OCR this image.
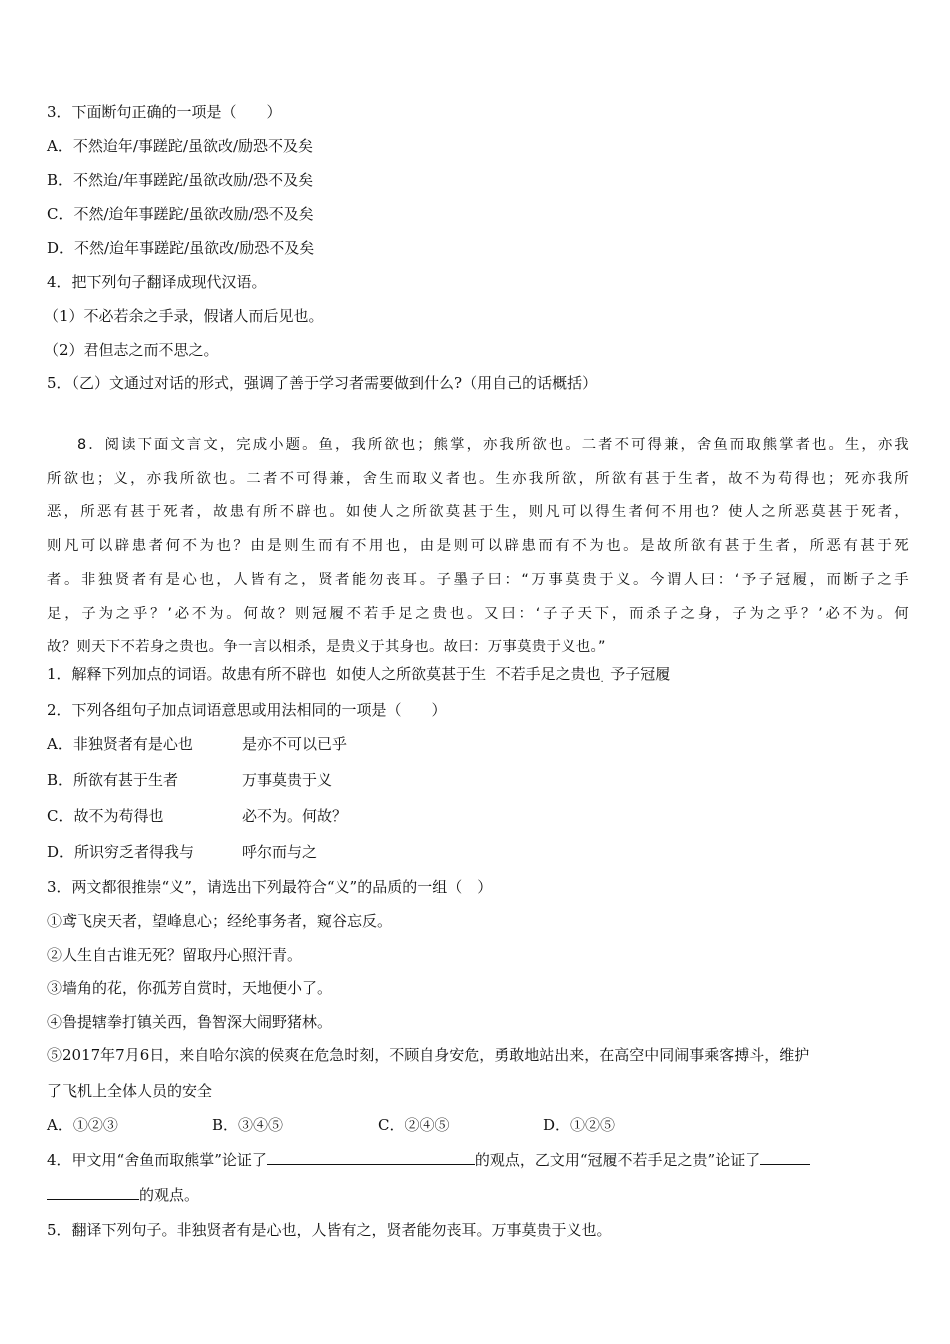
3．下面断句正确的一项是（　　）
A．不然迨年/事蹉跎/虽欲改/励恐不及矣
B．不然迨/年事蹉跎/虽欲改励/恐不及矣
C．不然/迨年事蹉跎/虽欲改励/恐不及矣
D．不然/迨年事蹉跎/虽欲改/励恐不及矣
4．把下列句子翻译成现代汉语。
（1）不必若余之手录，假诸人而后见也。
（2）君但志之而不思之。
5．（乙）文通过对话的形式，强调了善于学习者需要做到什么?（用自己的话概括）
8．阅读下面文言文，完成小题。鱼，我所欲也；熊掌，亦我所欲也。二者不可得兼，舍鱼而取熊掌者也。生，亦我
所欲也；义，亦我所欲也。二者不可得兼，舍生而取义者也。生亦我所欲，所欲有甚于生者，故不为苟得也；死亦我所
恶，所恶有甚于死者，故患有所不辟也。如使人之所欲莫甚于生，则凡可以得生者何不用也？使人之所恶莫甚于死者，
则凡可以辟患者何不为也？由是则生而有不用也，由是则可以辟患而有不为也。是故所欲有甚于生者，所恶有甚于死
者。非独贤者有是心也，人皆有之，贤者能勿丧耳。子墨子曰：“万事莫贵于义。今谓人曰：‘予子冠履，而断子之手
足，子为之乎？’必不为。何故？则冠履不若手足之贵也。又曰：‘子子天下，而杀子之身，子为之乎？’必不为。何
故？则天下不若身之贵也。争一言以相杀，是贵义于其身也。故曰：万事莫贵于义也。”
1．解释下列加点的词语。故患有所不辟也 如使人之所欲莫甚于生 不若手足之贵也 . 予子冠履
2．下列各组句子加点词语意思或用法相同的一项是（　　）
A．非独贤者有是心也	是亦不可以已乎
B．所欲有甚于生者	万事莫贵于义
C．故不为苟得也	必不为。何故？
D．所识穷乏者得我与	呼尔而与之
3．两文都很推崇“义”，请选出下列最符合“义”的品质的一组（　）
①鸢飞戾天者，望峰息心；经纶事务者，窥谷忘反。
②人生自古谁无死？留取丹心照汗青。
③墙角的花，你孤芳自赏时，天地便小了。
④鲁提辖拳打镇关西，鲁智深大闹野猪林。
⑤2017年7月6日，来自哈尔滨的侯爽在危急时刻，不顾自身安危，勇敢地站出来，在高空中同闹事乘客搏斗，维护
了飞机上全体人员的安全
A．①②③	B．③④⑤	C．②④⑤	D．①②⑤
4．甲文用“舍鱼而取熊掌”论证了	的观点，乙文用“冠履不若手足之贵”论证了
的观点。
5．翻译下列句子。非独贤者有是心也，人皆有之，贤者能勿丧耳。万事莫贵于义也。
